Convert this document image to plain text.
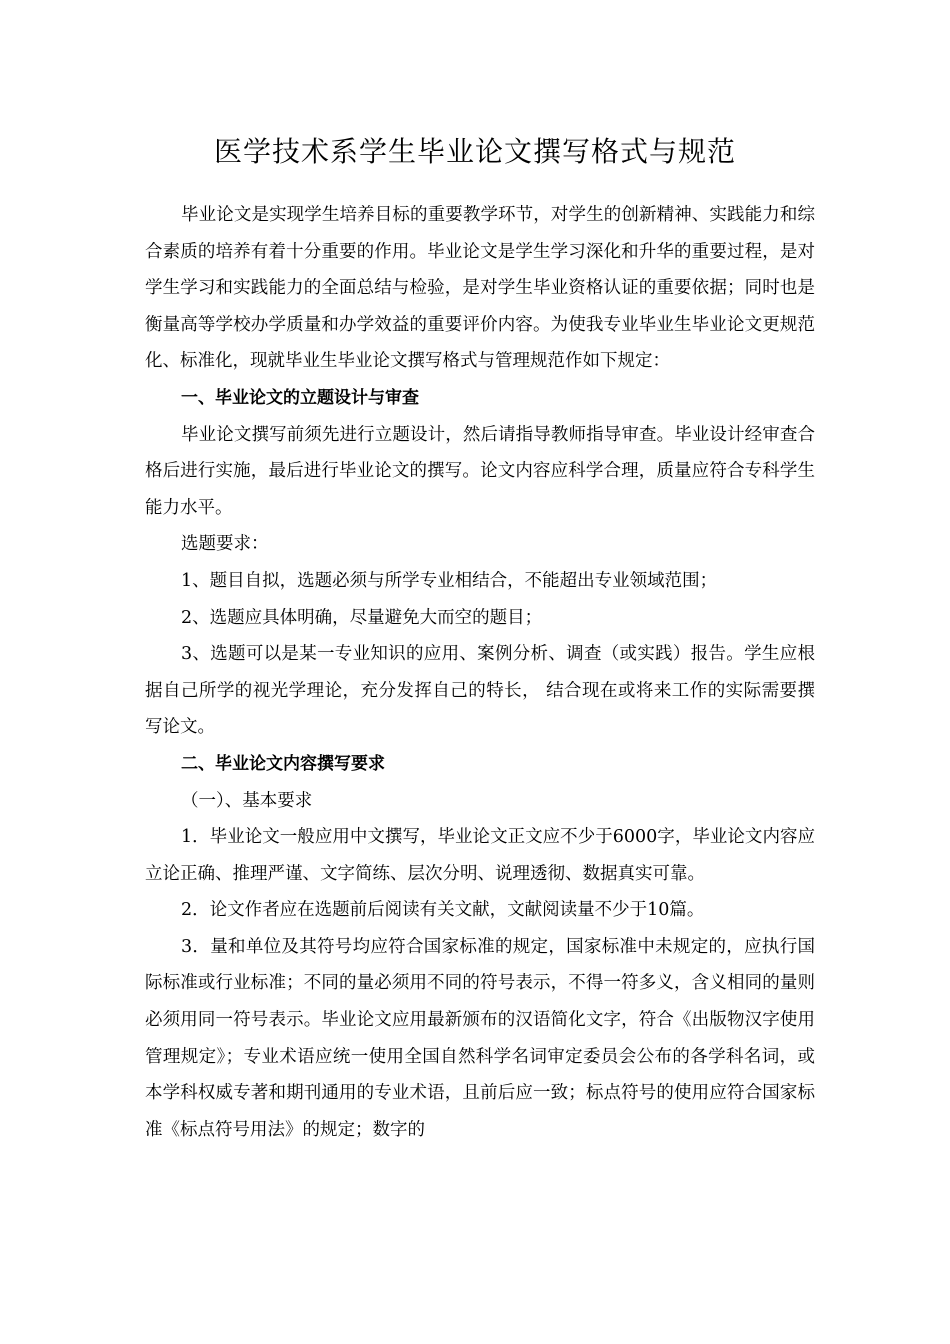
医学技术系学生毕业论文撰写格式与规范

毕业论文是实现学生培养目标的重要教学环节，对学生的创新精神、实践能力和综合素质的培养有着十分重要的作用。毕业论文是学生学习深化和升华的重要过程，是对学生学习和实践能力的全面总结与检验，是对学生毕业资格认证的重要依据；同时也是衡量高等学校办学质量和办学效益的重要评价内容。为使我专业毕业生毕业论文更规范化、标准化，现就毕业生毕业论文撰写格式与管理规范作如下规定：

一、毕业论文的立题设计与审查

毕业论文撰写前须先进行立题设计，然后请指导教师指导审查。毕业设计经审查合格后进行实施，最后进行毕业论文的撰写。论文内容应科学合理，质量应符合专科学生能力水平。

选题要求：

1、题目自拟，选题必须与所学专业相结合，不能超出专业领域范围；

2、选题应具体明确，尽量避免大而空的题目；

3、选题可以是某一专业知识的应用、案例分析、调查（或实践）报告。学生应根据自己所学的视光学理论，充分发挥自己的特长， 结合现在或将来工作的实际需要撰写论文。

二、毕业论文内容撰写要求

（一）、基本要求

1．毕业论文一般应用中文撰写，毕业论文正文应不少于6000字，毕业论文内容应立论正确、推理严谨、文字简练、层次分明、说理透彻、数据真实可靠。

2．论文作者应在选题前后阅读有关文献，文献阅读量不少于10篇。

3．量和单位及其符号均应符合国家标准的规定，国家标准中未规定的，应执行国际标准或行业标准；不同的量必须用不同的符号表示，不得一符多义，含义相同的量则必须用同一符号表示。毕业论文应用最新颁布的汉语简化文字，符合《出版物汉字使用管理规定》；专业术语应统一使用全国自然科学名词审定委员会公布的各学科名词，或本学科权威专著和期刊通用的专业术语，且前后应一致；标点符号的使用应符合国家标准《标点符号用法》的规定；数字的
